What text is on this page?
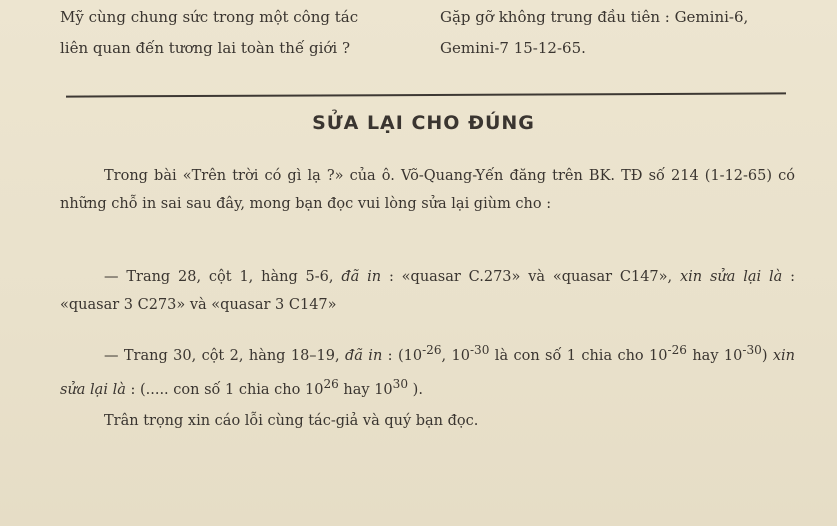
Mỹ cùng chung sức trong một công tác
liên quan đến tương lai toàn thế giới ?
Gặp gỡ không trung đầu tiên : Gemini-6,
Gemini-7 15-12-65.
SỬA LẠI CHO ĐÚNG
Trong bài «Trên trời có gì lạ ?» của ô. Võ-Quang-Yến đăng trên BK. TĐ số 214 (1-12-65) có những chỗ in sai sau đây, mong bạn đọc vui lòng sửa lại giùm cho :
— Trang 28, cột 1, hàng 5-6, đã in : «quasar C.273» và «quasar C147», xin sửa lại là : «quasar 3 C273» và «quasar 3 C147»
— Trang 30, cột 2, hàng 18–19, đã in : ($10^{-26}$, $10^{-30}$ là con số 1 chia cho $10^{-26}$ hay $10^{-30}$) xin sửa lại là : (..... con số 1 chia cho $10^{26}$ hay $10^{30}$ ).
Trân trọng xin cáo lỗi cùng tác-giả và quý bạn đọc.
